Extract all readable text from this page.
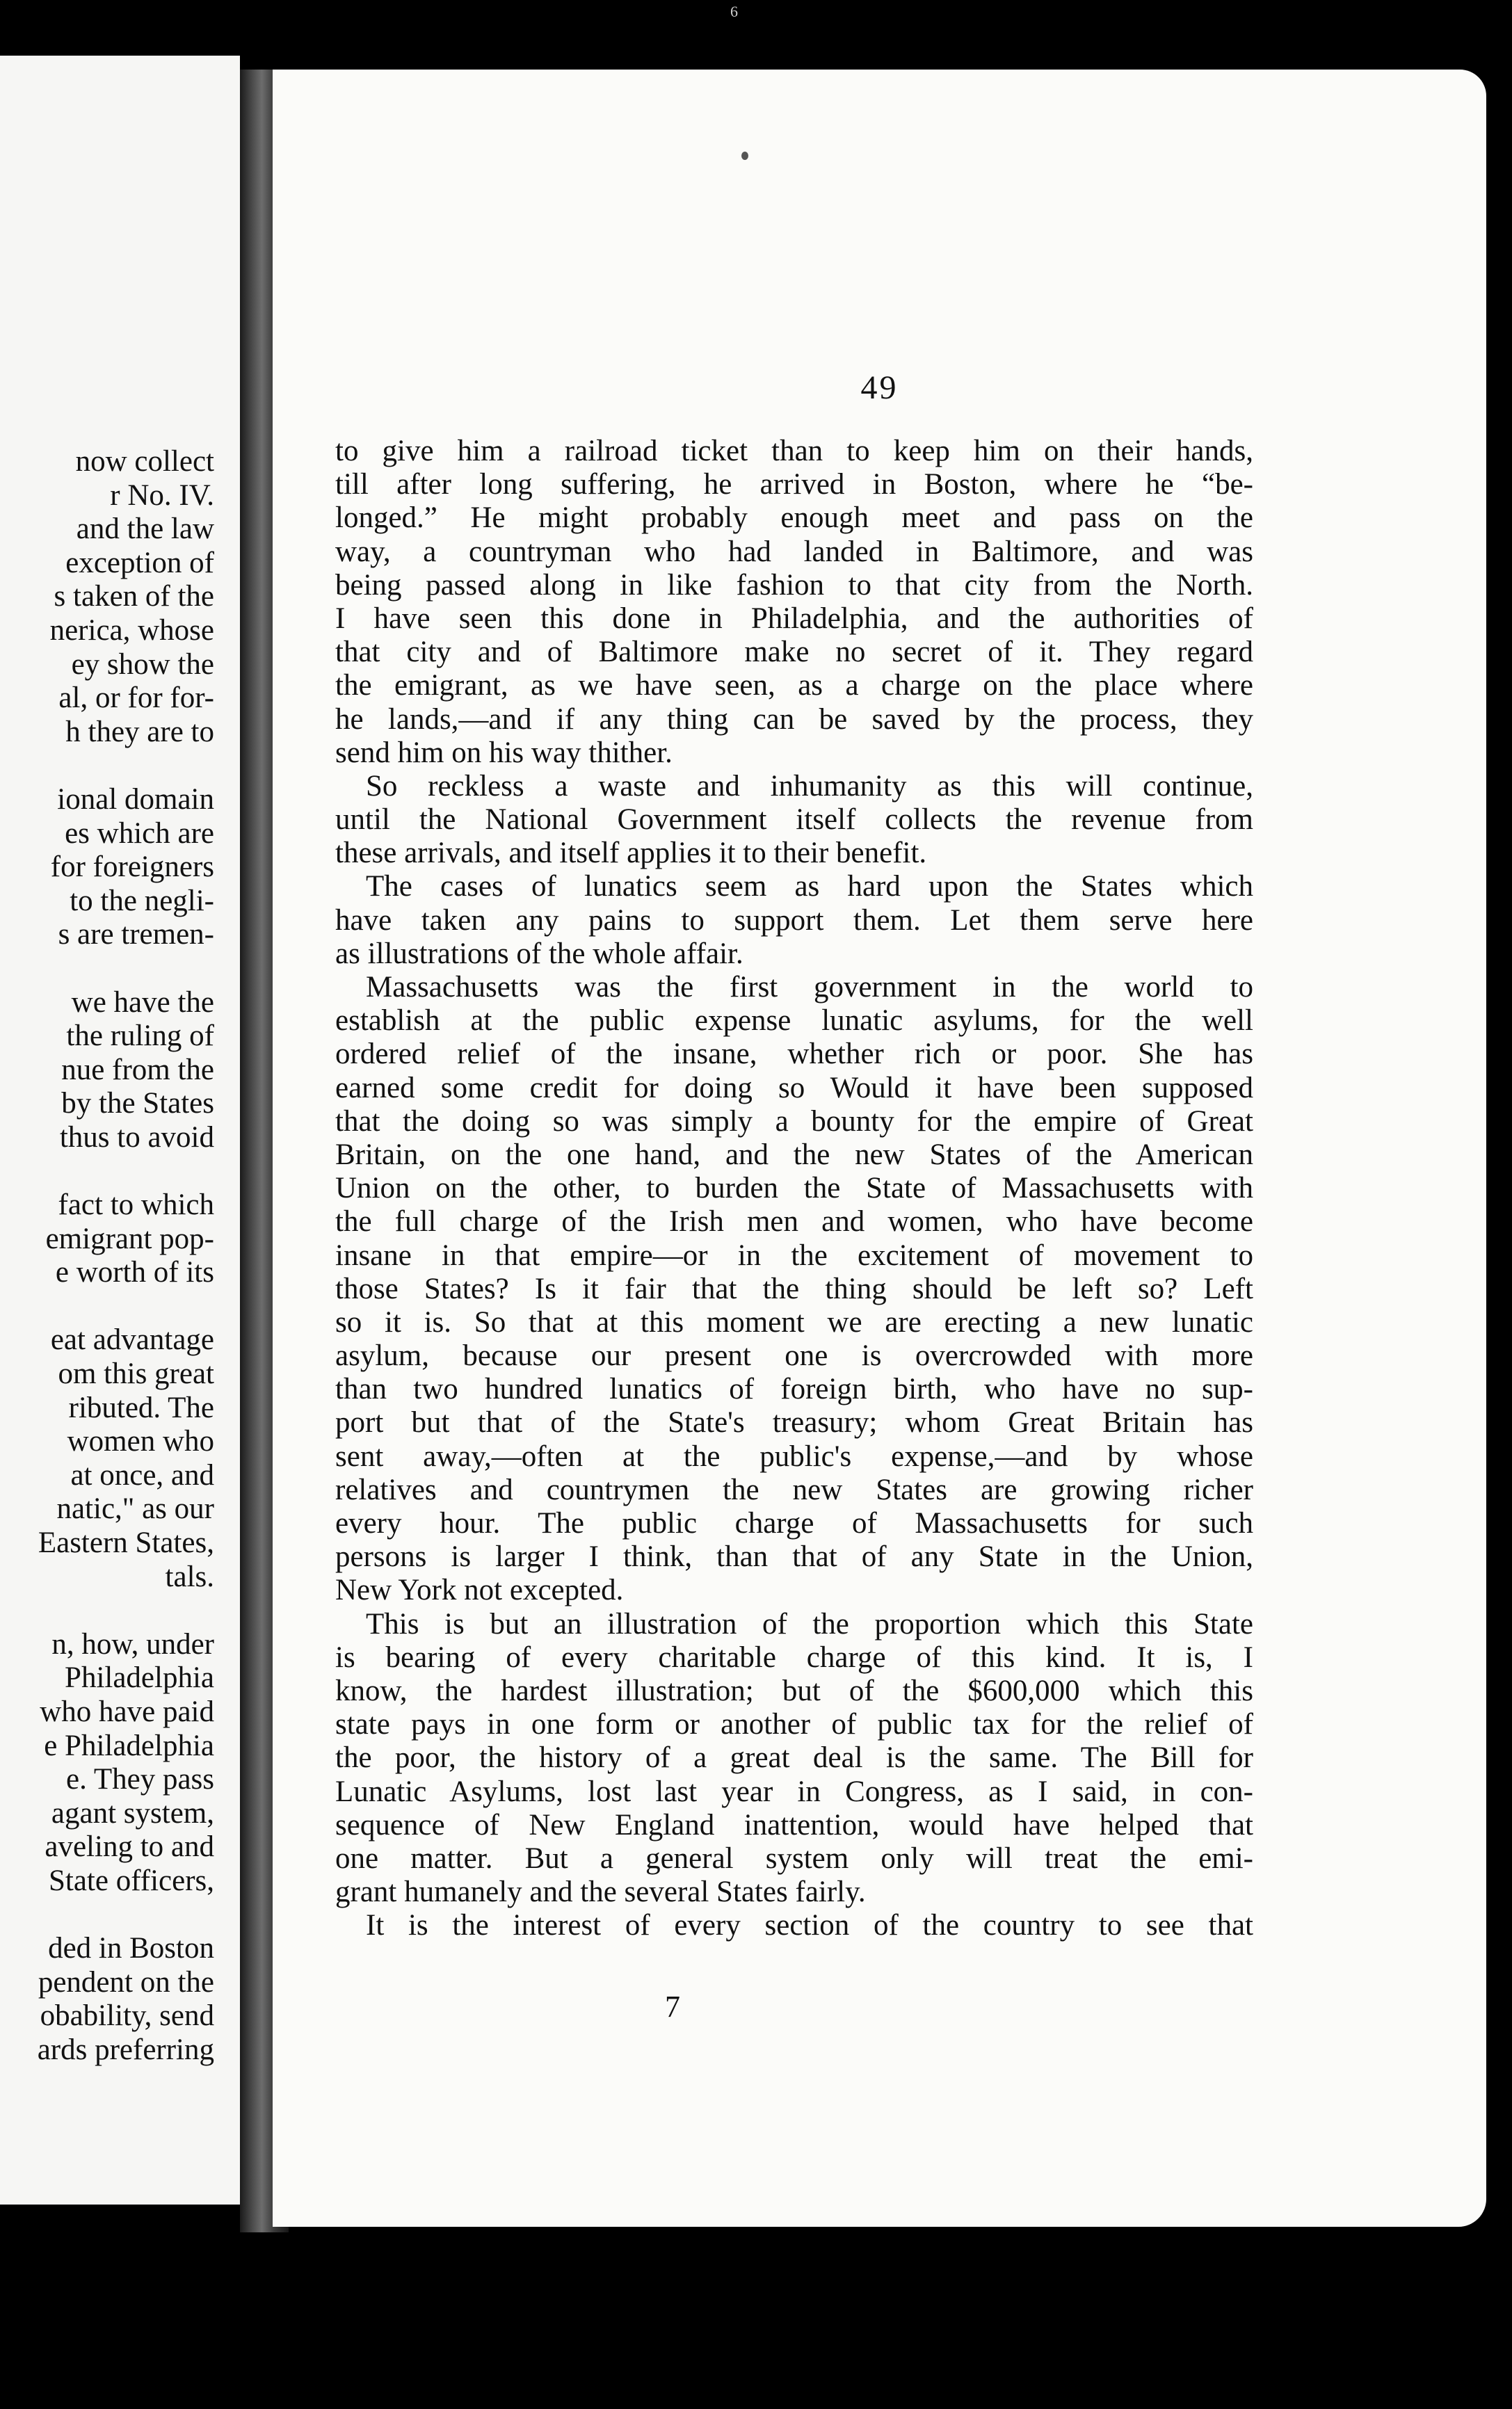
now collect
r No. IV.
and the law
exception of
s taken of the
nerica, whose
ey show the
al, or for for-
h they are to
ional domain
es which are
for foreigners
to the negli-
s are tremen-
we have the
the ruling of
nue from the
by the States
thus to avoid
fact to which
emigrant pop-
e worth of its
eat advantage
om this great
ributed. The
women who
at once, and
natic," as our
Eastern States,
tals.
n, how, under
Philadelphia
who have paid
e Philadelphia
e. They pass
agant system,
aveling to and
State officers,
ded in Boston
pendent on the
obability, send
ards preferring
49
to give him a railroad ticket than to keep him on their hands,
till after long suffering, he arrived in Boston, where he “be-
longed.” He might probably enough meet and pass on the
way, a countryman who had landed in Baltimore, and was
being passed along in like fashion to that city from the North.
I have seen this done in Philadelphia, and the authorities of
that city and of Baltimore make no secret of it. They regard
the emigrant, as we have seen, as a charge on the place where
he lands,—and if any thing can be saved by the process, they
send him on his way thither.
So reckless a waste and inhumanity as this will continue,
until the National Government itself collects the revenue from
these arrivals, and itself applies it to their benefit.
The cases of lunatics seem as hard upon the States which
have taken any pains to support them. Let them serve here
as illustrations of the whole affair.
Massachusetts was the first government in the world to
establish at the public expense lunatic asylums, for the well
ordered relief of the insane, whether rich or poor. She has
earned some credit for doing so Would it have been supposed
that the doing so was simply a bounty for the empire of Great
Britain, on the one hand, and the new States of the American
Union on the other, to burden the State of Massachusetts with
the full charge of the Irish men and women, who have become
insane in that empire—or in the excitement of movement to
those States? Is it fair that the thing should be left so? Left
so it is. So that at this moment we are erecting a new lunatic
asylum, because our present one is overcrowded with more
than two hundred lunatics of foreign birth, who have no sup-
port but that of the State's treasury; whom Great Britain has
sent away,—often at the public's expense,—and by whose
relatives and countrymen the new States are growing richer
every hour. The public charge of Massachusetts for such
persons is larger I think, than that of any State in the Union,
New York not excepted.
This is but an illustration of the proportion which this State
is bearing of every charitable charge of this kind. It is, I
know, the hardest illustration; but of the $600,000 which this
state pays in one form or another of public tax for the relief of
the poor, the history of a great deal is the same. The Bill for
Lunatic Asylums, lost last year in Congress, as I said, in con-
sequence of New England inattention, would have helped that
one matter. But a general system only will treat the emi-
grant humanely and the several States fairly.
It is the interest of every section of the country to see that
6
7
